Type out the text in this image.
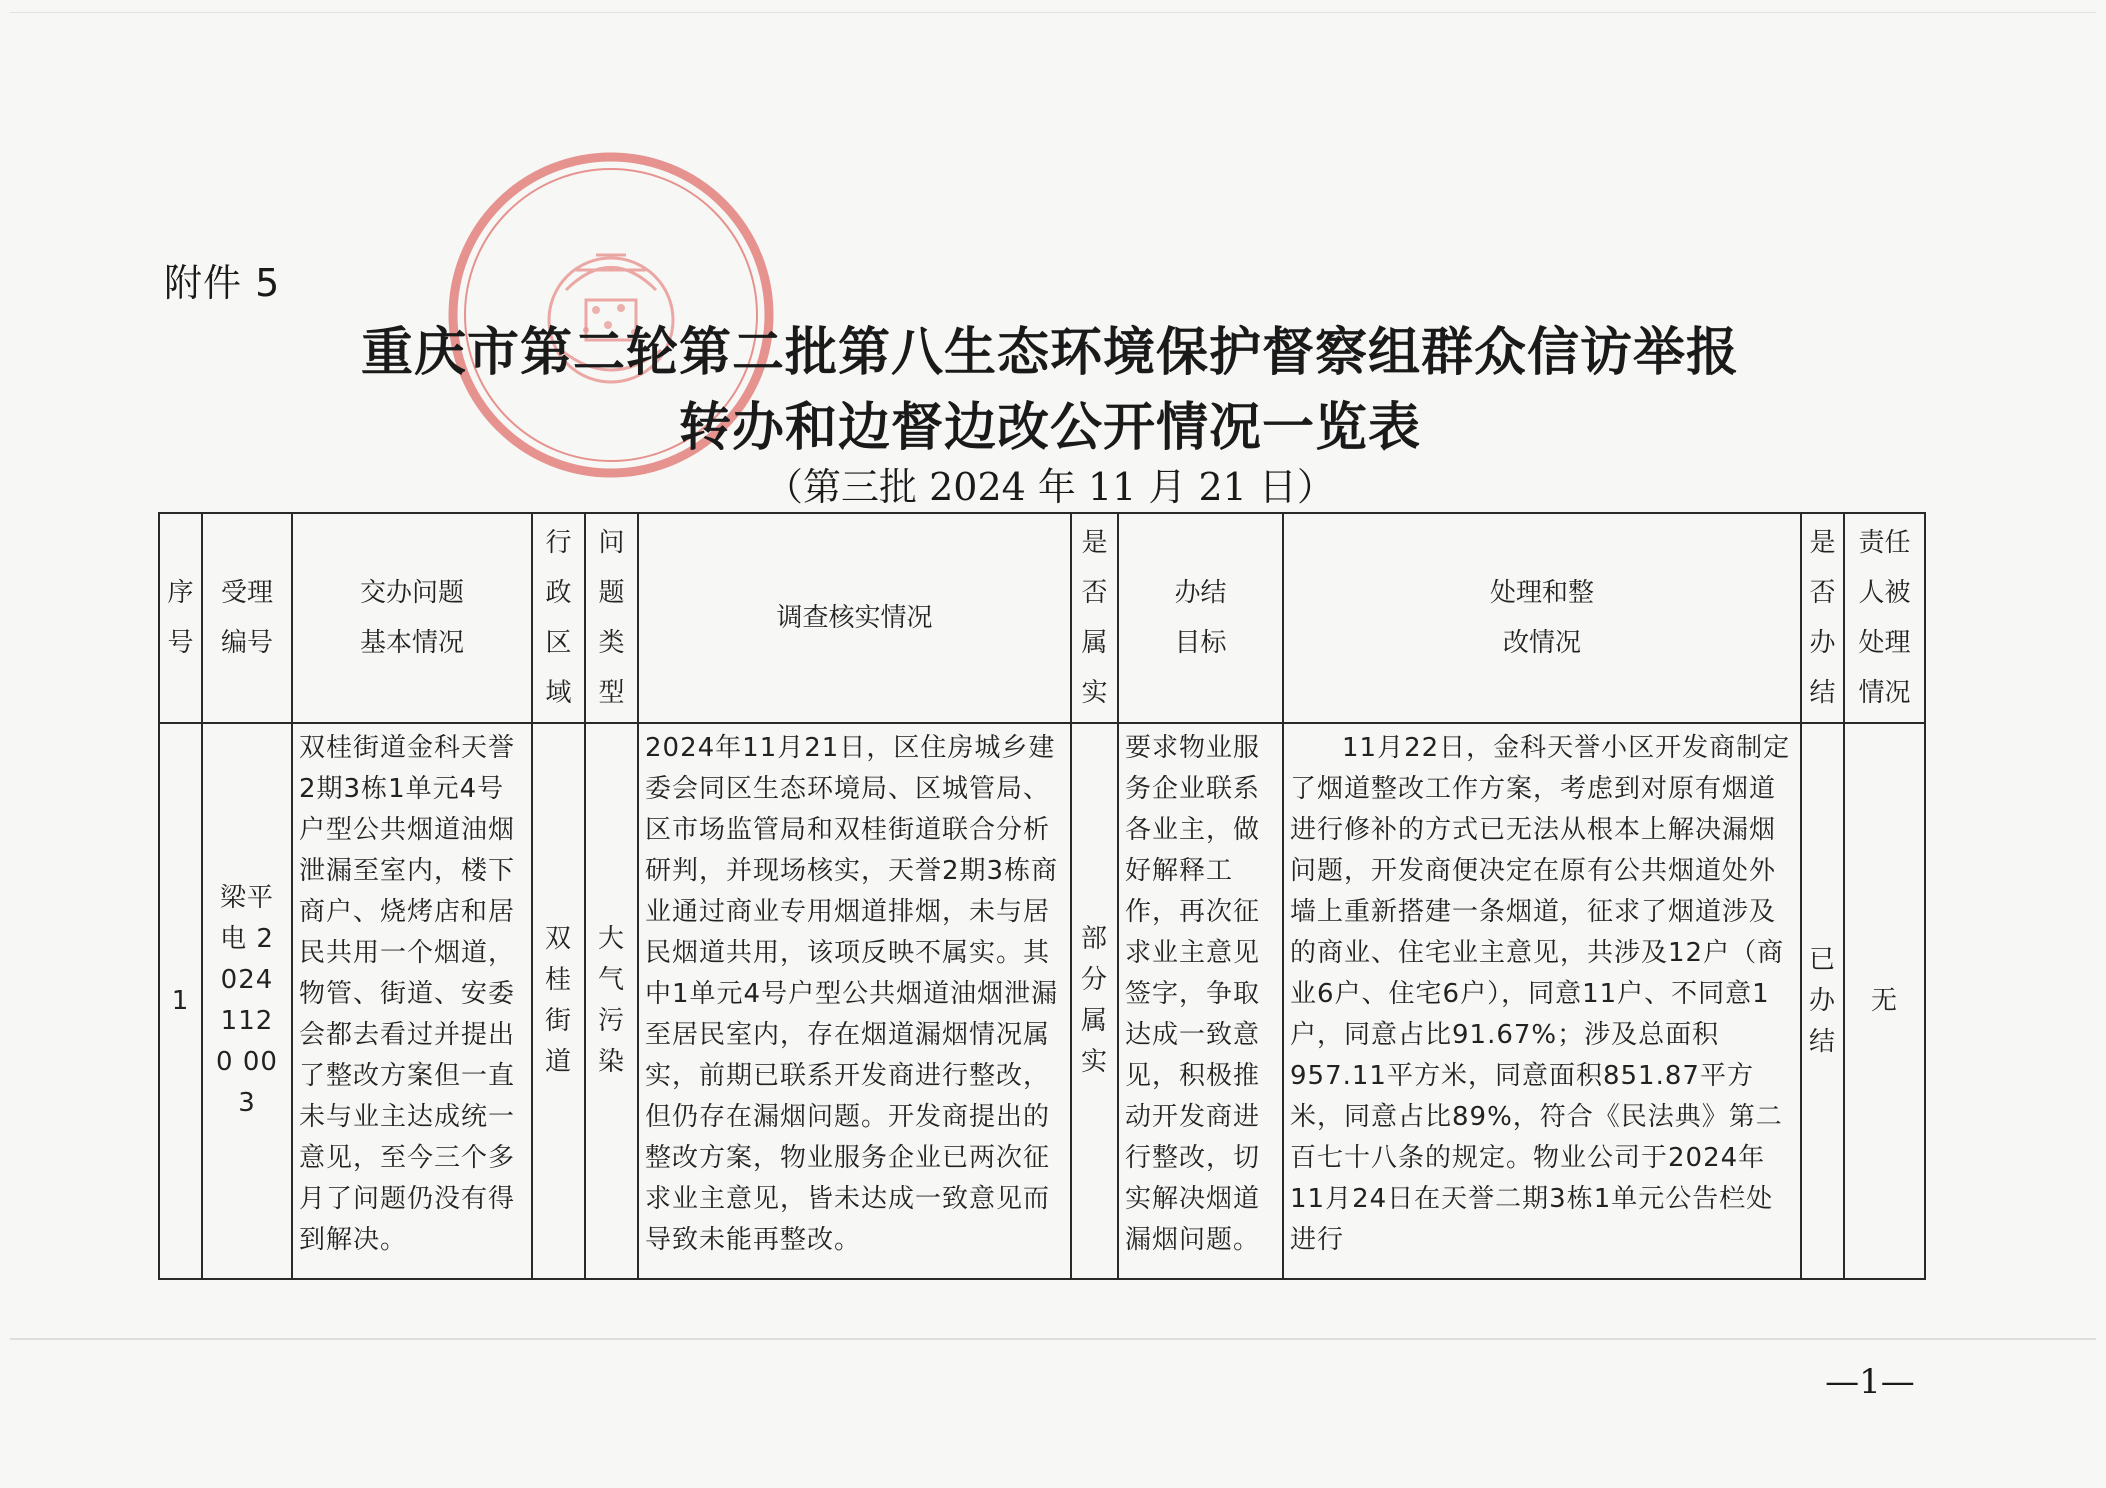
附件 5
重庆市第二轮第二批第八生态环境保护督察组群众信访举报
转办和边督边改公开情况一览表
（第三批 2024 年 11 月 21 日）
序号	受理编号	交办问题基本情况	行政区域	问题类型	调查核实情况	是否属实	办结目标	处理和整改情况	是否办结	责任人被处理情况

1	梁平电 2024 1120 003	双桂街道金科天誉2期3栋1单元4号户型公共烟道油烟泄漏至室内，楼下商户、烧烤店和居民共用一个烟道，物管、街道、安委会都去看过并提出了整改方案但一直未与业主达成统一意见，至今三个多月了问题仍没有得到解决。	双桂街道	大气污染	2024年11月21日，区住房城乡建委会同区生态环境局、区城管局、区市场监管局和双桂街道联合分析研判，并现场核实，天誉2期3栋商业通过商业专用烟道排烟，未与居民烟道共用，该项反映不属实。其中1单元4号户型公共烟道油烟泄漏至居民室内，存在烟道漏烟情况属实，前期已联系开发商进行整改，但仍存在漏烟问题。开发商提出的整改方案，物业服务企业已两次征求业主意见，皆未达成一致意见而导致未能再整改。	部分属实	要求物业服务企业联系各业主，做好解释工作，再次征求业主意见签字，争取达成一致意见，积极推动开发商进行整改，切实解决烟道漏烟问题。	11月22日，金科天誉小区开发商制定了烟道整改工作方案，考虑到对原有烟道进行修补的方式已无法从根本上解决漏烟问题，开发商便决定在原有公共烟道处外墙上重新搭建一条烟道，征求了烟道涉及的商业、住宅业主意见，共涉及12户（商业6户、住宅6户），同意11户、不同意1户，同意占比91.67%；涉及总面积957.11平方米，同意面积851.87平方米，同意占比89%，符合《民法典》第二百七十八条的规定。物业公司于2024年11月24日在天誉二期3栋1单元公告栏处进行	已办结	无
—1—
